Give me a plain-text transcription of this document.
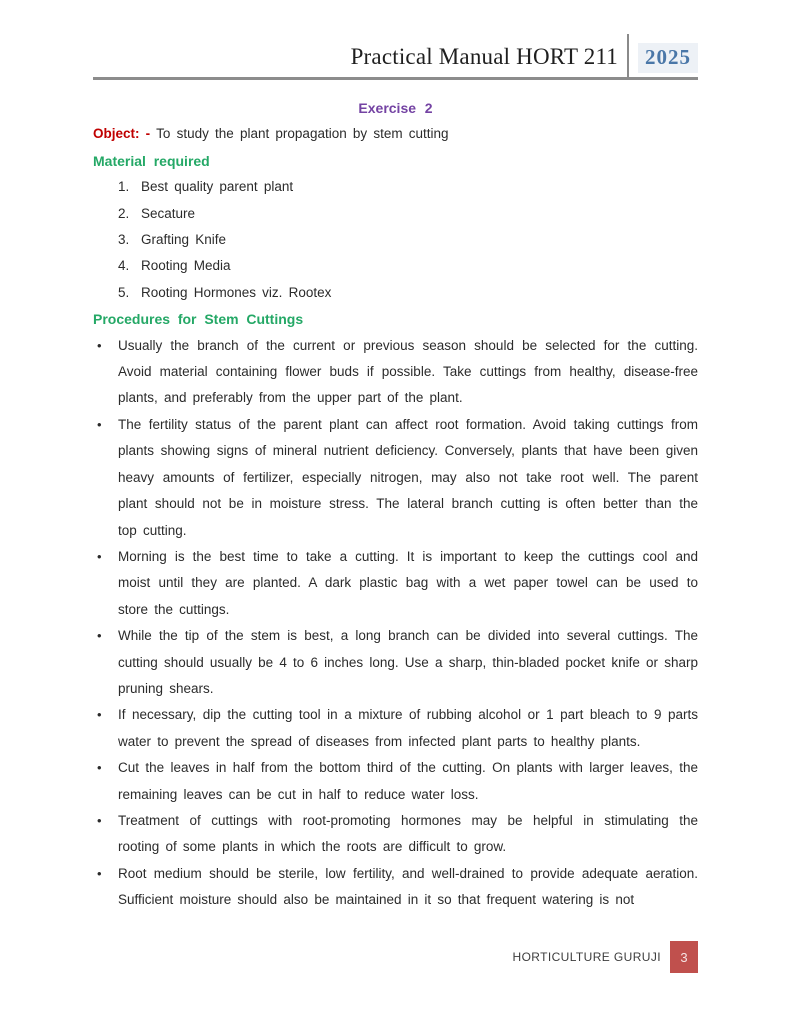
Practical Manual HORT 211	2025
Exercise 2
Object: - To study the plant propagation by stem cutting
Material required
1. Best quality parent plant
2. Secature
3. Grafting Knife
4. Rooting Media
5. Rooting Hormones viz. Rootex
Procedures for Stem Cuttings
•	Usually the branch of the current or previous season should be selected for the cutting. Avoid material containing flower buds if possible. Take cuttings from healthy, disease-free plants, and preferably from the upper part of the plant.
•	The fertility status of the parent plant can affect root formation. Avoid taking cuttings from plants showing signs of mineral nutrient deficiency. Conversely, plants that have been given heavy amounts of fertilizer, especially nitrogen, may also not take root well. The parent plant should not be in moisture stress. The lateral branch cutting is often better than the top cutting.
•	Morning is the best time to take a cutting. It is important to keep the cuttings cool and moist until they are planted. A dark plastic bag with a wet paper towel can be used to store the cuttings.
•	While the tip of the stem is best, a long branch can be divided into several cuttings. The cutting should usually be 4 to 6 inches long. Use a sharp, thin-bladed pocket knife or sharp pruning shears.
•	If necessary, dip the cutting tool in a mixture of rubbing alcohol or 1 part bleach to 9 parts water to prevent the spread of diseases from infected plant parts to healthy plants.
•	Cut the leaves in half from the bottom third of the cutting. On plants with larger leaves, the remaining leaves can be cut in half to reduce water loss.
•	Treatment of cuttings with root-promoting hormones may be helpful in stimulating the rooting of some plants in which the roots are difficult to grow.
•	Root medium should be sterile, low fertility, and well-drained to provide adequate aeration. Sufficient moisture should also be maintained in it so that frequent watering is not
HORTICULTURE GURUJI	3
